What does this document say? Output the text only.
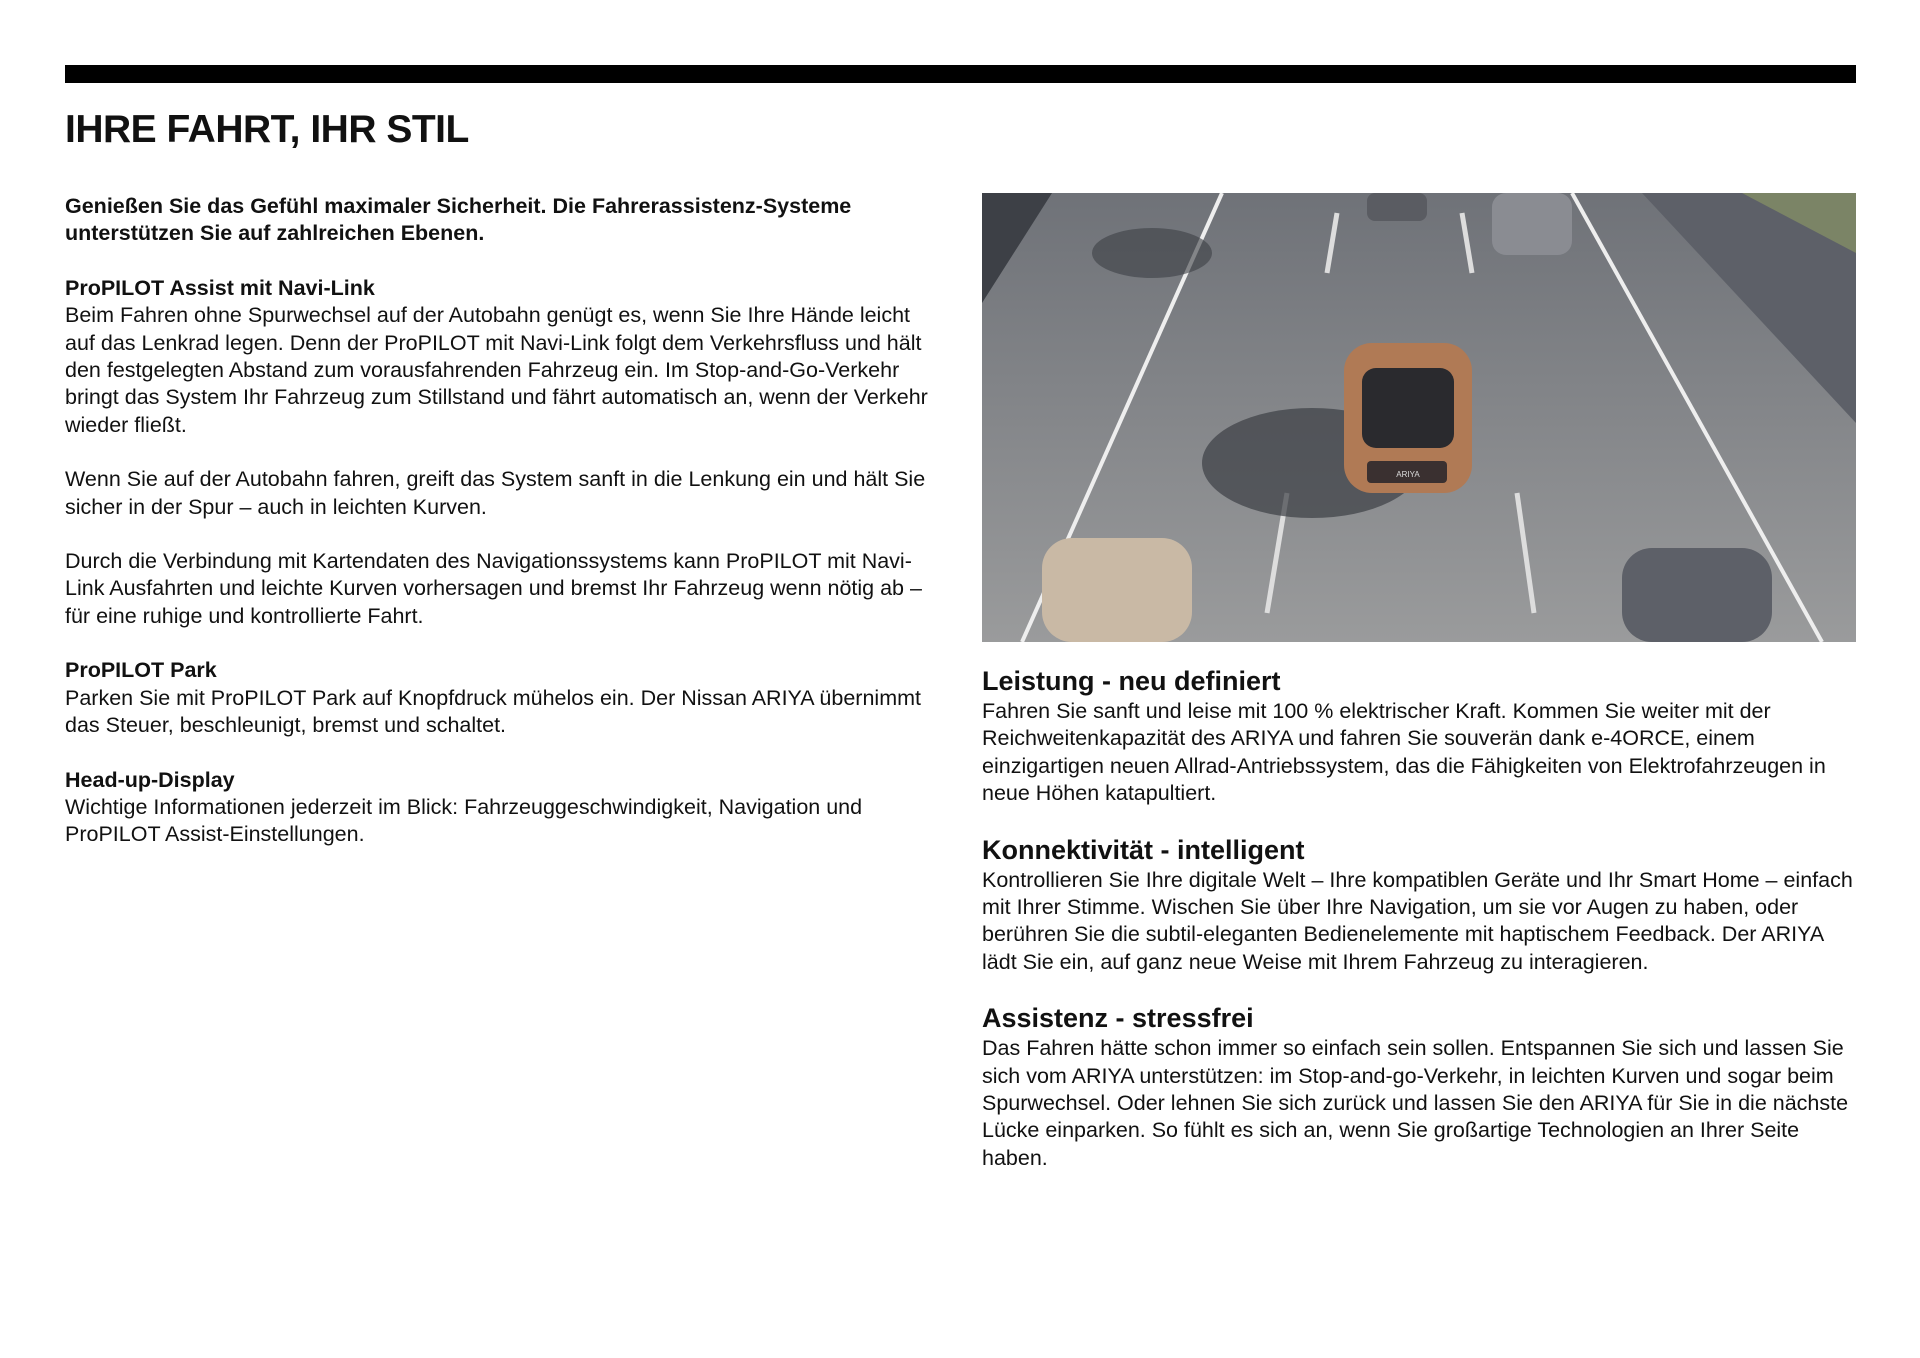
IHRE FAHRT, IHR STIL

Genießen Sie das Gefühl maximaler Sicherheit. Die Fahrerassistenz-Systeme unterstützen Sie auf zahlreichen Ebenen.

ProPILOT Assist mit Navi-Link

Beim Fahren ohne Spurwechsel auf der Autobahn genügt es, wenn Sie Ihre Hände leicht auf das Lenkrad legen. Denn der ProPILOT mit Navi-Link folgt dem Verkehrsfluss und hält den festgelegten Abstand zum vorausfahrenden Fahrzeug ein. Im Stop-and-Go-Verkehr bringt das System Ihr Fahrzeug zum Stillstand und fährt automatisch an, wenn der Verkehr wieder fließt.

Wenn Sie auf der Autobahn fahren, greift das System sanft in die Lenkung ein und hält Sie sicher in der Spur – auch in leichten Kurven.

Durch die Verbindung mit Kartendaten des Navigationssystems kann ProPILOT mit Navi-Link Ausfahrten und leichte Kurven vorhersagen und bremst Ihr Fahrzeug wenn nötig ab – für eine ruhige und kontrollierte Fahrt.

ProPILOT Park

Parken Sie mit ProPILOT Park auf Knopfdruck mühelos ein. Der Nissan ARIYA übernimmt das Steuer, beschleunigt, bremst und schaltet.

Head-up-Display

Wichtige Informationen jederzeit im Blick: Fahrzeuggeschwindigkeit, Navigation und ProPILOT Assist-Einstellungen.

ARIYA
Leistung - neu definiert

Fahren Sie sanft und leise mit 100 % elektrischer Kraft. Kommen Sie weiter mit der Reichweitenkapazität des ARIYA und fahren Sie souverän dank e-4ORCE, einem einzigartigen neuen Allrad-Antriebssystem, das die Fähigkeiten von Elektrofahrzeugen in neue Höhen katapultiert.

Konnektivität - intelligent

Kontrollieren Sie Ihre digitale Welt – Ihre kompatiblen Geräte und Ihr Smart Home – einfach mit Ihrer Stimme. Wischen Sie über Ihre Navigation, um sie vor Augen zu haben, oder berühren Sie die subtil-eleganten Bedienelemente mit haptischem Feedback. Der ARIYA lädt Sie ein, auf ganz neue Weise mit Ihrem Fahrzeug zu interagieren.

Assistenz - stressfrei

Das Fahren hätte schon immer so einfach sein sollen. Entspannen Sie sich und lassen Sie sich vom ARIYA unterstützen: im Stop-and-go-Verkehr, in leichten Kurven und sogar beim Spurwechsel. Oder lehnen Sie sich zurück und lassen Sie den ARIYA für Sie in die nächste Lücke einparken. So fühlt es sich an, wenn Sie großartige Technologien an Ihrer Seite haben.
